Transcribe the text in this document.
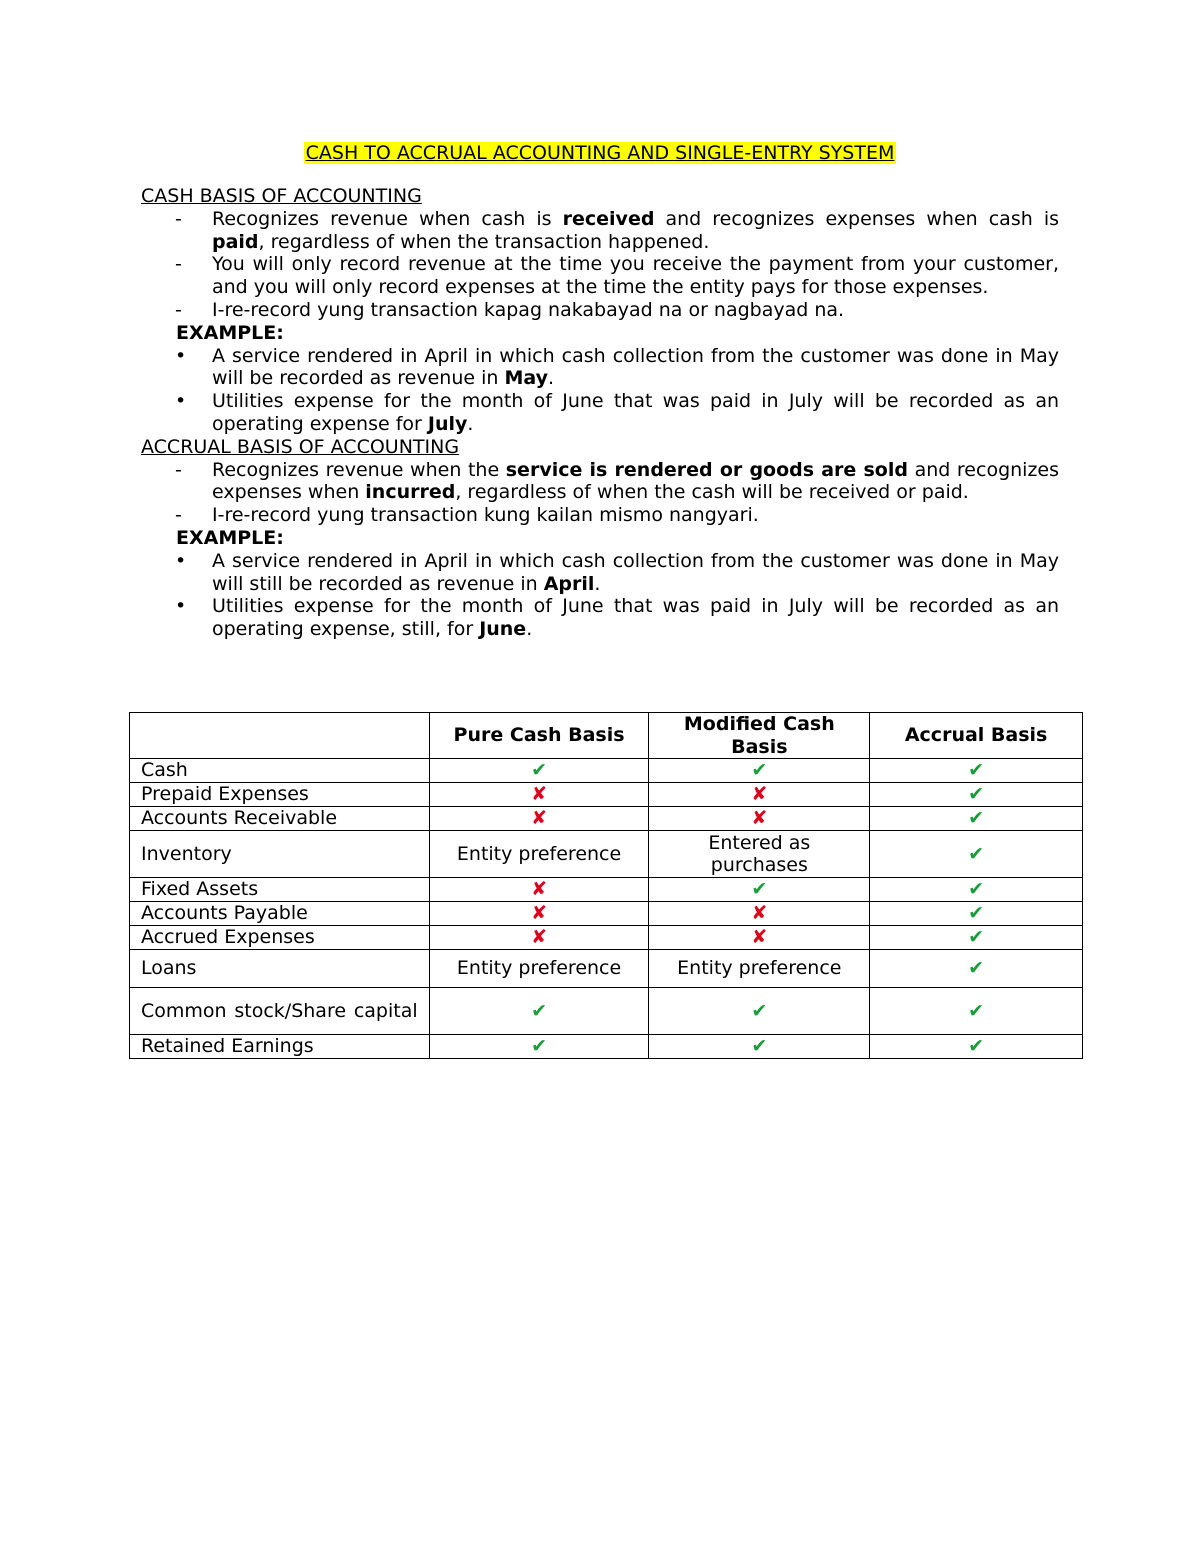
CASH TO ACCRUAL ACCOUNTING AND SINGLE-ENTRY SYSTEM

CASH BASIS OF ACCOUNTING

- Recognizes revenue when cash is received and recognizes expenses when cash is paid, regardless of when the transaction happened.
- You will only record revenue at the time you receive the payment from your customer, and you will only record expenses at the time the entity pays for those expenses.
- I-re-record yung transaction kapag nakabayad na or nagbayad na.
EXAMPLE:
• A service rendered in April in which cash collection from the customer was done in May will be recorded as revenue in May.
• Utilities expense for the month of June that was paid in July will be recorded as an operating expense for July.

ACCRUAL BASIS OF ACCOUNTING

- Recognizes revenue when the service is rendered or goods are sold and recognizes expenses when incurred, regardless of when the cash will be received or paid.
- I-re-record yung transaction kung kailan mismo nangyari.
EXAMPLE:
• A service rendered in April in which cash collection from the customer was done in May will still be recorded as revenue in April.
• Utilities expense for the month of June that was paid in July will be recorded as an operating expense, still, for June.
	Pure Cash Basis	Modified Cash Basis	Accrual Basis
Cash	✔	✔	✔
Prepaid Expenses	✘	✘	✔
Accounts Receivable	✘	✘	✔
Inventory	Entity preference	Entered as purchases	✔
Fixed Assets	✘	✔	✔
Accounts Payable	✘	✘	✔
Accrued Expenses	✘	✘	✔
Loans	Entity preference	Entity preference	✔
Common stock/Share capital	✔	✔	✔
Retained Earnings	✔	✔	✔
